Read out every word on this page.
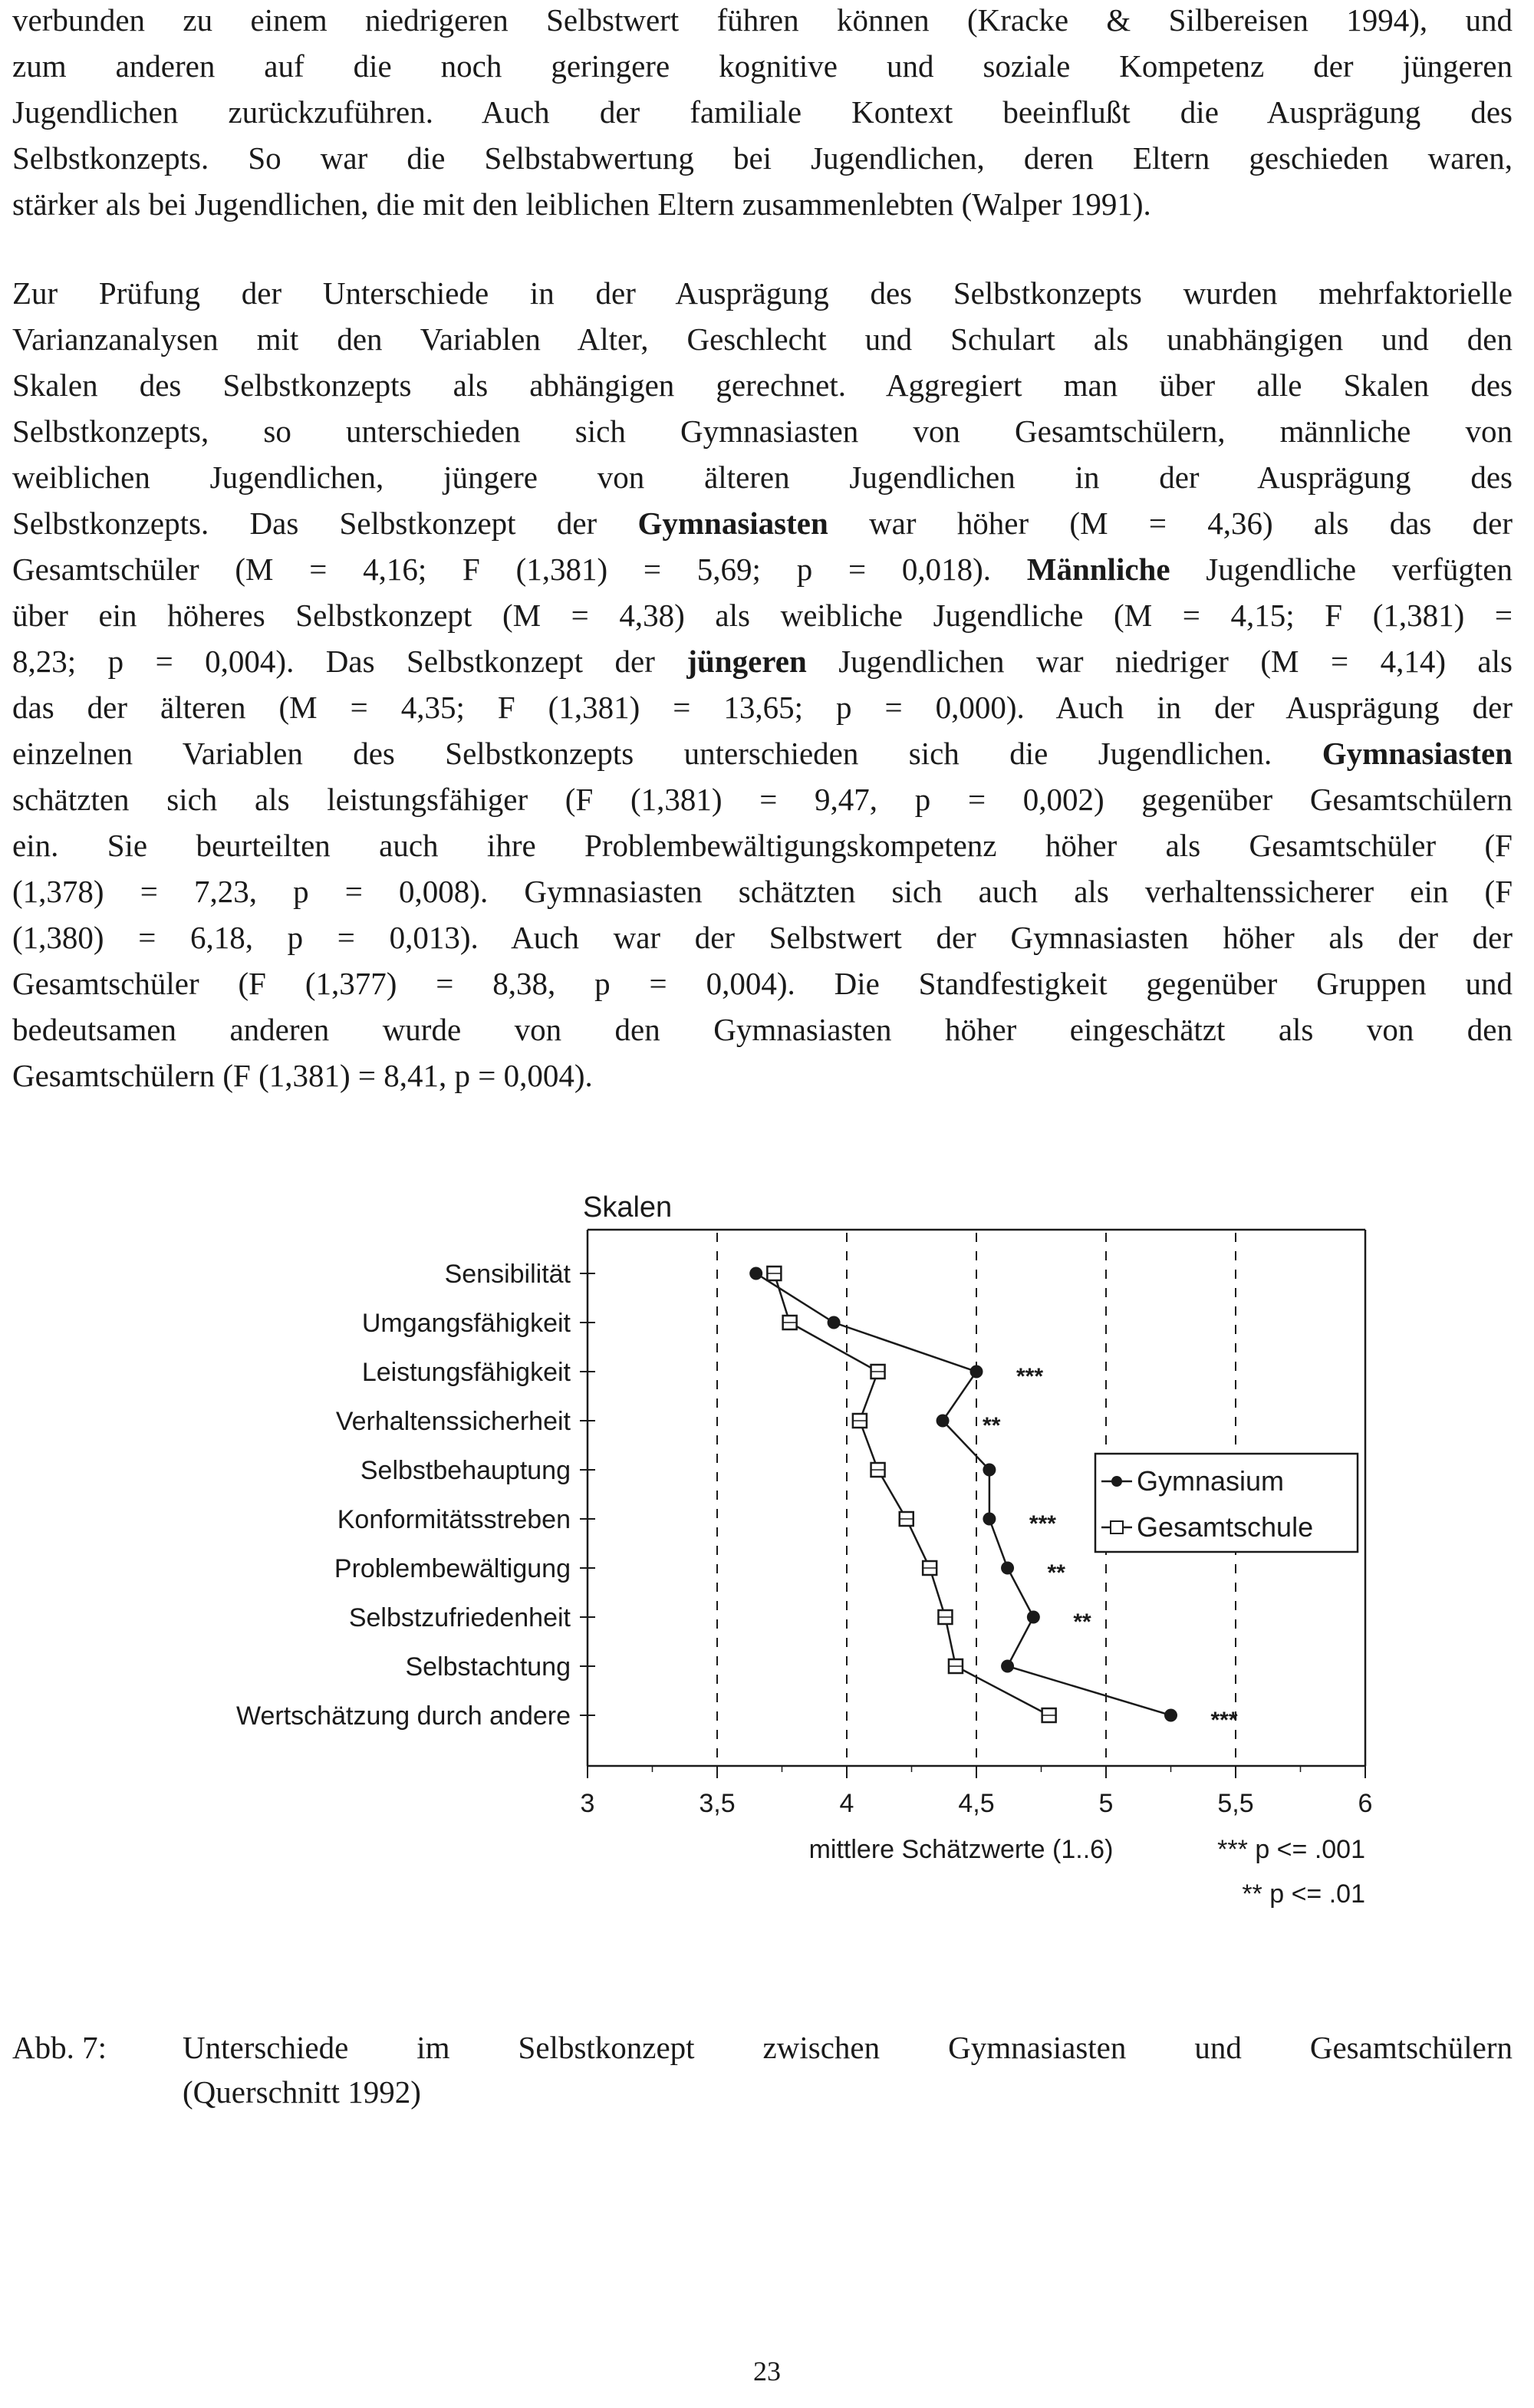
verbunden zu einem niedrigeren Selbstwert führen können (Kracke & Silbereisen 1994), und
zum anderen auf die noch geringere kognitive und soziale Kompetenz der jüngeren
Jugendlichen zurückzuführen. Auch der familiale Kontext beeinflußt die Ausprägung des
Selbstkonzepts. So war die Selbstabwertung bei Jugendlichen, deren Eltern geschieden waren,
stärker als bei Jugendlichen, die mit den leiblichen Eltern zusammenlebten (Walper 1991).

Zur Prüfung der Unterschiede in der Ausprägung des Selbstkonzepts wurden mehrfaktorielle
Varianzanalysen mit den Variablen Alter, Geschlecht und Schulart als unabhängigen und den
Skalen des Selbstkonzepts als abhängigen gerechnet. Aggregiert man über alle Skalen des
Selbstkonzepts, so unterschieden sich Gymnasiasten von Gesamtschülern, männliche von
weiblichen Jugendlichen, jüngere von älteren Jugendlichen in der Ausprägung des
Selbstkonzepts. Das Selbstkonzept der Gymnasiasten war höher (M = 4,36) als das der
Gesamtschüler (M = 4,16; F (1,381) = 5,69; p = 0,018). Männliche Jugendliche verfügten
über ein höheres Selbstkonzept (M = 4,38) als weibliche Jugendliche (M = 4,15; F (1,381) =
8,23; p = 0,004). Das Selbstkonzept der jüngeren Jugendlichen war niedriger (M = 4,14) als
das der älteren (M = 4,35; F (1,381) = 13,65; p = 0,000). Auch in der Ausprägung der
einzelnen Variablen des Selbstkonzepts unterschieden sich die Jugendlichen. Gymnasiasten
schätzten sich als leistungsfähiger (F (1,381) = 9,47, p = 0,002) gegenüber Gesamtschülern
ein. Sie beurteilten auch ihre Problembewältigungskompetenz höher als Gesamtschüler (F
(1,378) = 7,23, p = 0,008). Gymnasiasten schätzten sich auch als verhaltenssicherer ein (F
(1,380) = 6,18, p = 0,013). Auch war der Selbstwert der Gymnasiasten höher als der der
Gesamtschüler (F (1,377) = 8,38, p = 0,004). Die Standfestigkeit gegenüber Gruppen und
bedeutsamen anderen wurde von den Gymnasiasten höher eingeschätzt als von den
Gesamtschülern (F (1,381) = 8,41, p = 0,004).

Skalen
Sensibilität
Umgangsfähigkeit
Leistungsfähigkeit
Verhaltenssicherheit
Selbstbehauptung
Konformitätsstreben
Problembewältigung
Selbstzufriedenheit
Selbstachtung
Wertschätzung durch andere
3	3,5	4	4,5	5	5,5	6
mittlere Schätzwerte (1..6)
***
**
***
**
**
***
Gymnasium
Gesamtschule
*** p <= .001
** p <= .01
Abb. 7:	Unterschiede im Selbstkonzept zwischen Gymnasiasten und Gesamtschülern
(Querschnitt 1992)
23
